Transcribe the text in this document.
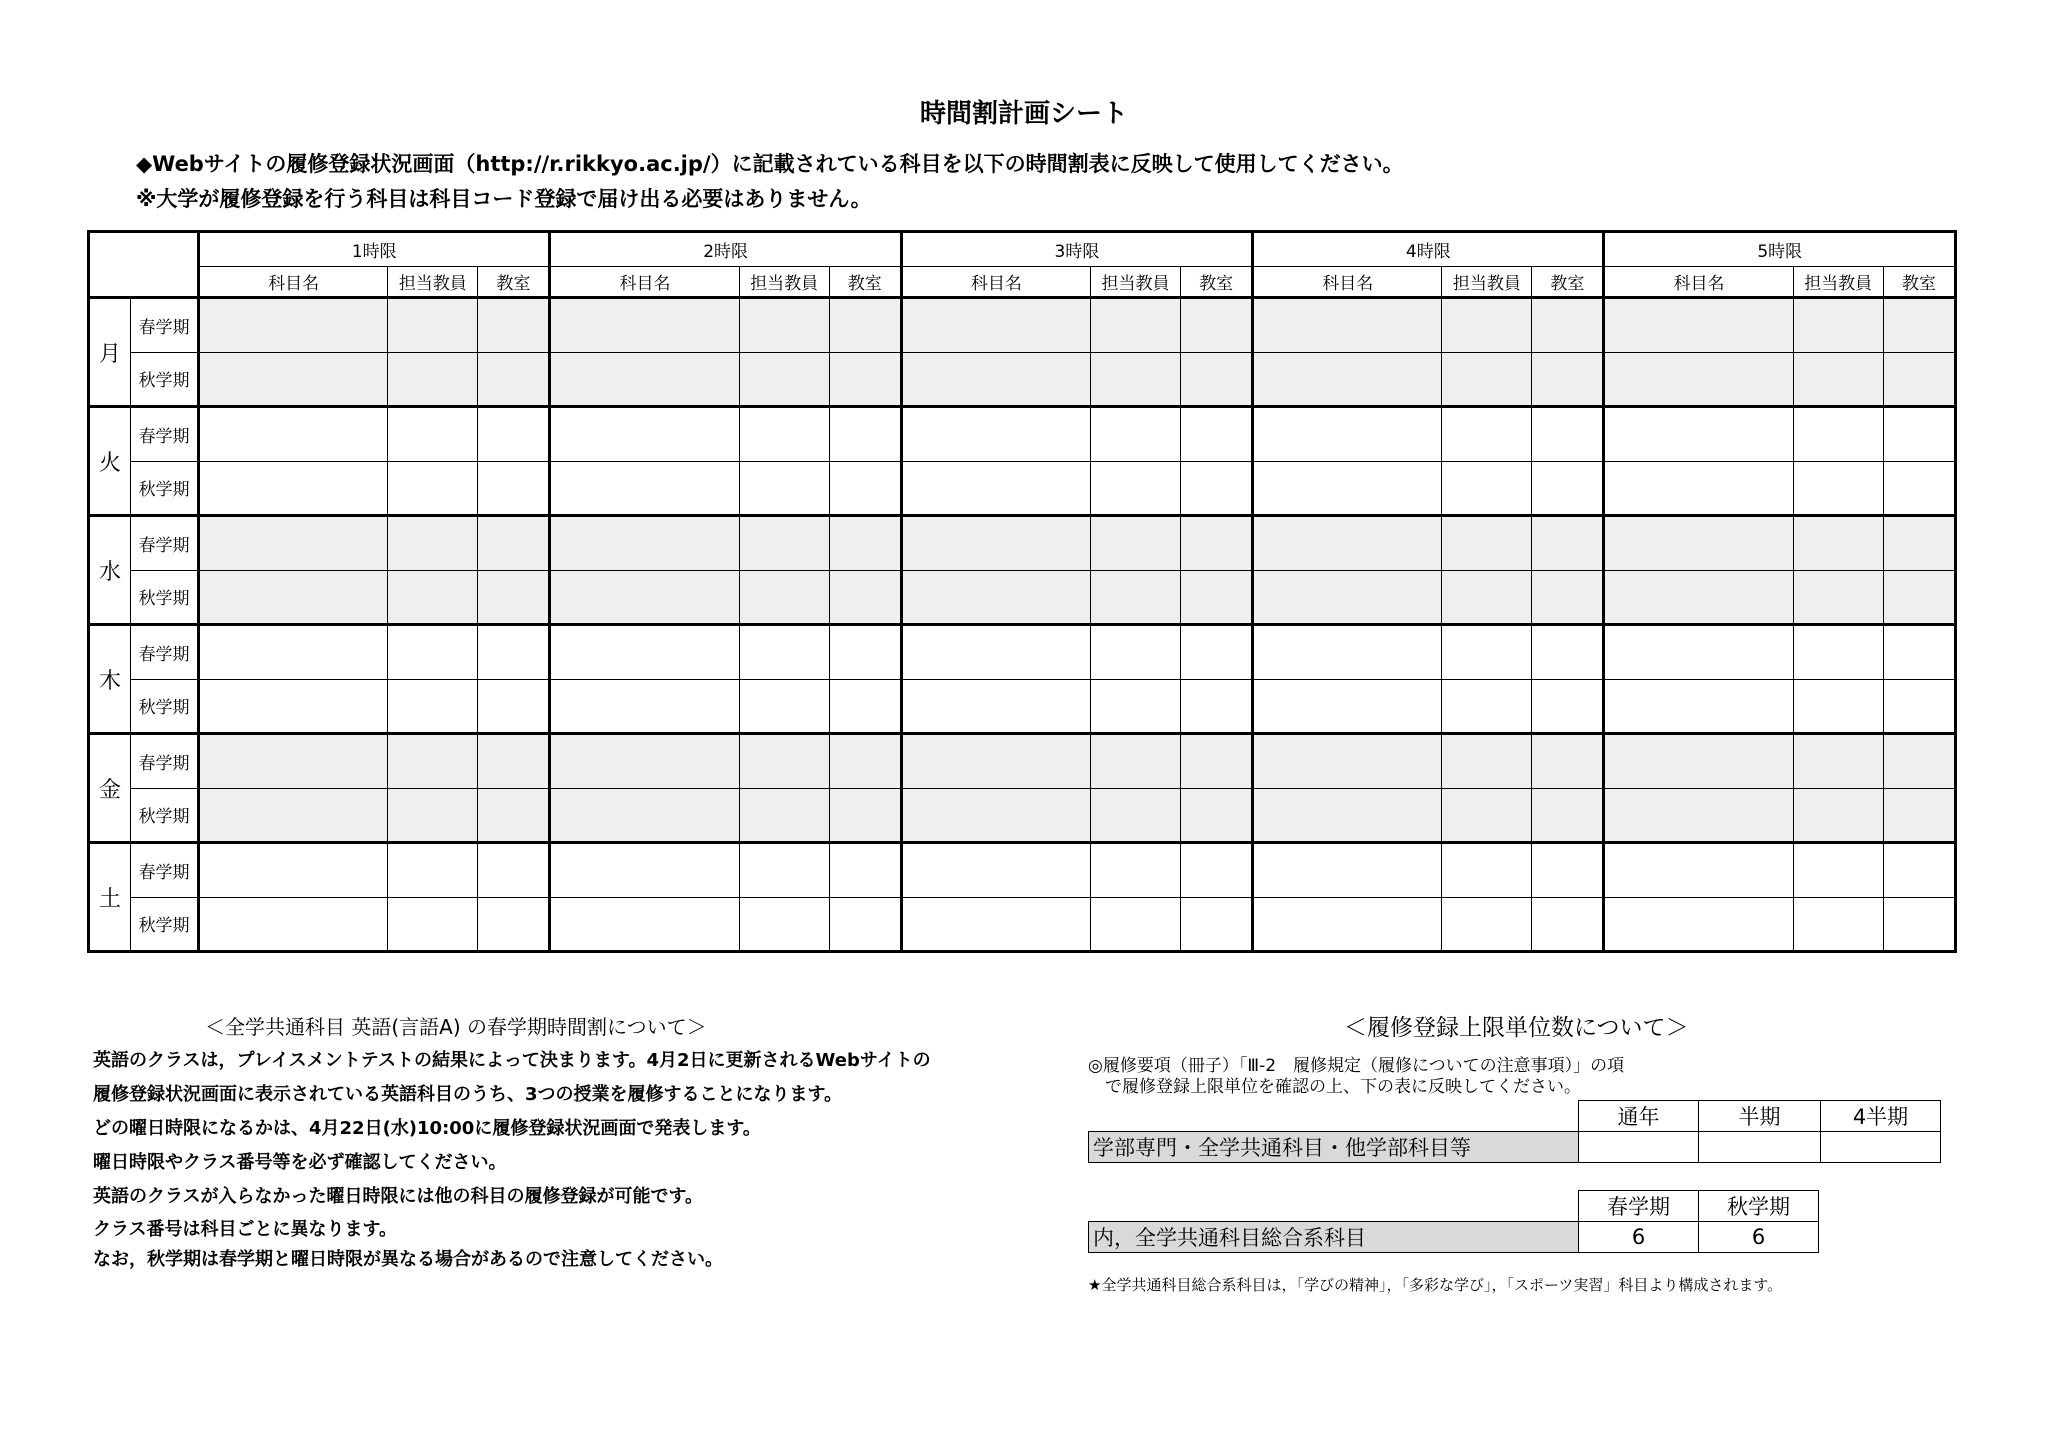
時間割計画シート
◆Webサイトの履修登録状況画面（http://r.rikkyo.ac.jp/）に記載されている科目を以下の時間割表に反映して使用してください。
※大学が履修登録を行う科目は科目コード登録で届け出る必要はありません。
		1時限			2時限			3時限			4時限			5時限		
		科目名	担当教員	教室	科目名	担当教員	教室	科目名	担当教員	教室	科目名	担当教員	教室	科目名	担当教員	教室
月	春学期															
	秋学期															
火	春学期															
	秋学期															
水	春学期															
	秋学期															
木	春学期															
	秋学期															
金	春学期															
	秋学期															
土	春学期															
	秋学期															
＜全学共通科目 英語(言語A) の春学期時間割について＞
英語のクラスは，プレイスメントテストの結果によって決まります。4月2日に更新されるWebサイトの
履修登録状況画面に表示されている英語科目のうち、3つの授業を履修することになります。
どの曜日時限になるかは、4月22日(水)10:00に履修登録状況画面で発表します。
曜日時限やクラス番号等を必ず確認してください。
英語のクラスが入らなかった曜日時限には他の科目の履修登録が可能です。
クラス番号は科目ごとに異なります。
なお，秋学期は春学期と曜日時限が異なる場合があるので注意してください。
＜履修登録上限単位数について＞
◎履修要項（冊子）「Ⅲ-2　履修規定（履修についての注意事項）」の項
　で履修登録上限単位を確認の上、下の表に反映してください。
	通年	半期	4半期
学部専門・全学共通科目・他学部科目等			
	春学期	秋学期
内，全学共通科目総合系科目	6	6
★全学共通科目総合系科目は，「学びの精神」，「多彩な学び」，「スポーツ実習」科目より構成されます。
